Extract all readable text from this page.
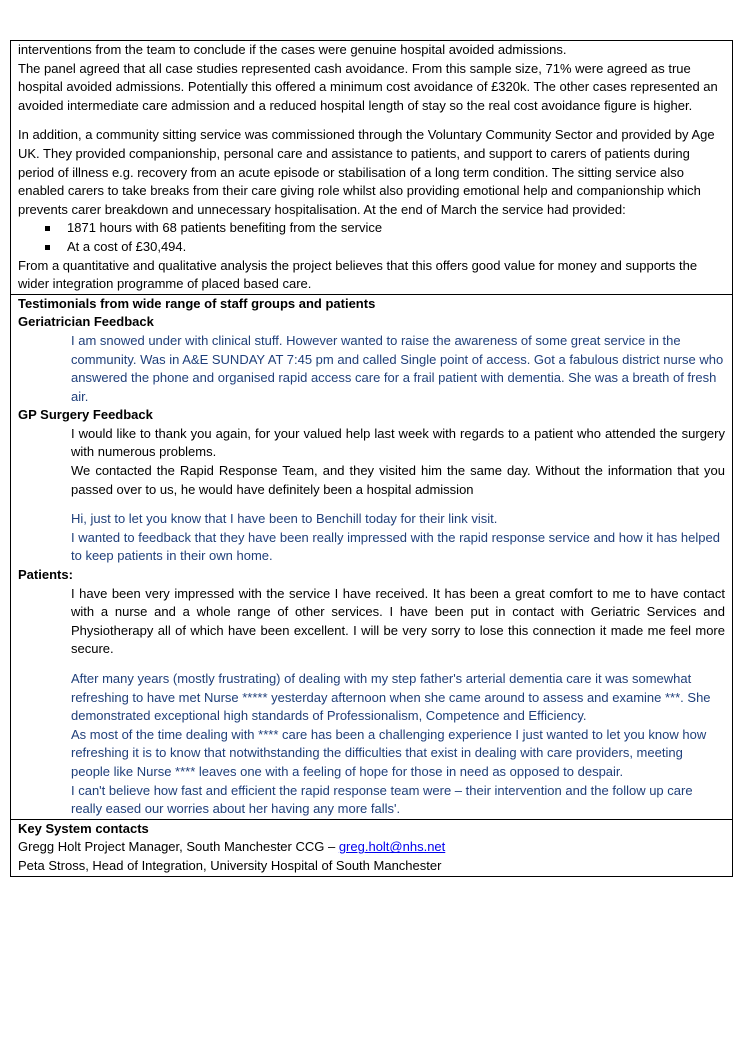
interventions from the team to conclude if the cases were genuine hospital avoided admissions.

The panel agreed that all case studies represented cash avoidance. From this sample size, 71% were agreed as true hospital avoided admissions. Potentially this offered a minimum cost avoidance of £320k. The other cases represented an avoided intermediate care admission and a reduced hospital length of stay so the real cost avoidance figure is higher.

In addition, a community sitting service was commissioned through the Voluntary Community Sector and provided by Age UK. They provided companionship, personal care and assistance to patients, and support to carers of patients during period of illness e.g. recovery from an acute episode or stabilisation of a long term condition. The sitting service also enabled carers to take breaks from their care giving role whilst also providing emotional help and companionship which prevents carer breakdown and unnecessary hospitalisation. At the end of March the service had provided:

1871 hours with 68 patients benefiting from the service
At a cost of £30,494.

From a quantitative and qualitative analysis the project believes that this offers good value for money and supports the wider integration programme of placed based care.

Testimonials from wide range of staff groups and patients

Geriatrician Feedback

I am snowed under with clinical stuff. However wanted to raise the awareness of some great service in the community. Was in A&E SUNDAY AT 7:45 pm and called Single point of access. Got a fabulous district nurse who answered the phone and organised rapid access care for a frail patient with dementia. She was a breath of fresh air.

GP Surgery Feedback

I would like to thank you again, for your valued help last week with regards to a patient who attended the surgery with numerous problems.

We contacted the Rapid Response Team, and they visited him the same day. Without the information that you passed over to us, he would have definitely been a hospital admission

Hi, just to let you know that I have been to Benchill today for their link visit.

I wanted to feedback that they have been really impressed with the rapid response service and how it has helped to keep patients in their own home.

Patients:

I have been very impressed with the service I have received. It has been a great comfort to me to have contact with a nurse and a whole range of other services. I have been put in contact with Geriatric Services and Physiotherapy all of which have been excellent. I will be very sorry to lose this connection it made me feel more secure.

After many years (mostly frustrating) of dealing with my step father's arterial dementia care it was somewhat refreshing to have met Nurse ***** yesterday afternoon when she came around to assess and examine ***. She demonstrated exceptional high standards of Professionalism, Competence and Efficiency.

As most of the time dealing with **** care has been a challenging experience I just wanted to let you know how refreshing it is to know that notwithstanding the difficulties that exist in dealing with care providers, meeting people like Nurse **** leaves one with a feeling of hope for those in need as opposed to despair.

I can't believe how fast and efficient the rapid response team were – their intervention and the follow up care really eased our worries about her having any more falls'.

Key System contacts

Gregg Holt Project Manager, South Manchester CCG – greg.holt@nhs.net

Peta Stross, Head of Integration, University Hospital of South Manchester
